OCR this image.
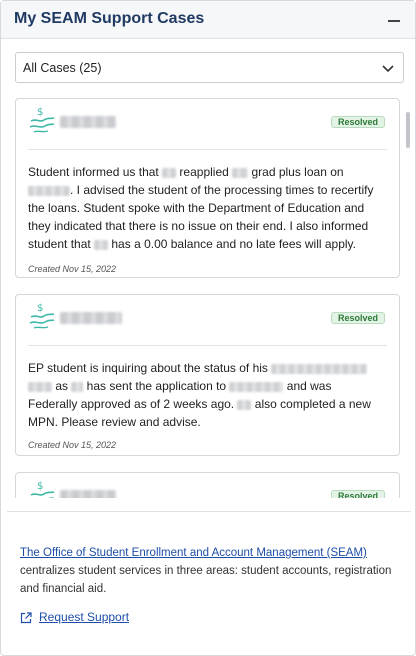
My SEAM Support Cases
All Cases (25)
$
Resolved
Student informed us that  reapplied  grad plus loan on . I advised the student of the processing times to recertify the loans. Student spoke with the Department of Education and they indicated that there is no issue on their end. I also informed student that  has a 0.00 balance and no late fees will apply.
Created Nov 15, 2022
$
Resolved
EP student is inquiring about the status of his   as  has sent the application to	and was Federally approved as of 2 weeks ago.  also completed a new MPN. Please review and advise.
Created Nov 15, 2022
$
Resolved
The Office of Student Enrollment and Account Management (SEAM) centralizes student services in three areas: student accounts, registration and financial aid.
Request Support
